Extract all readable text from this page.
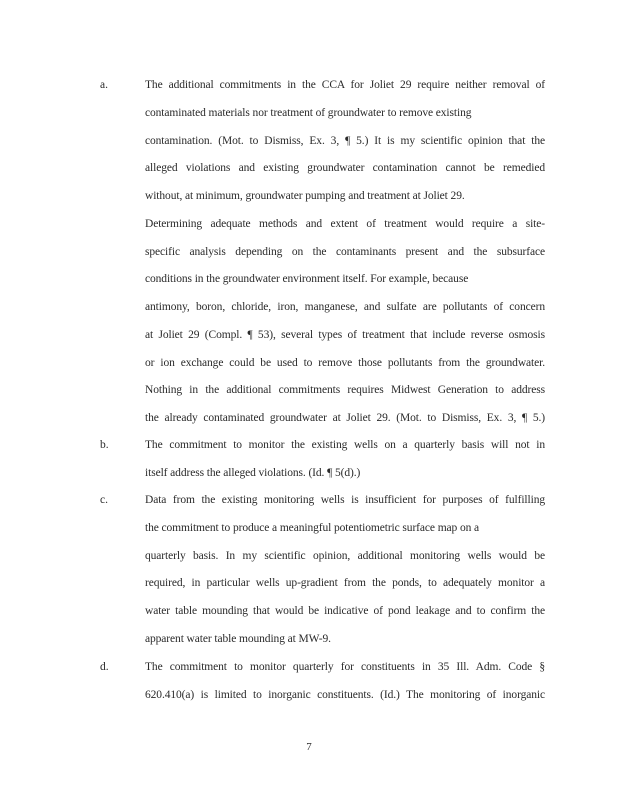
a.	The additional commitments in the CCA for Joliet 29 require neither removal of
contaminated materials nor treatment of groundwater to remove existing
contamination. (Mot. to Dismiss, Ex. 3, ¶ 5.) It is my scientific opinion that the
alleged violations and existing groundwater contamination cannot be remedied
without, at minimum, groundwater pumping and treatment at Joliet 29.
Determining adequate methods and extent of treatment would require a site-
specific analysis depending on the contaminants present and the subsurface
conditions in the groundwater environment itself. For example, because
antimony, boron, chloride, iron, manganese, and sulfate are pollutants of concern
at Joliet 29 (Compl. ¶ 53), several types of treatment that include reverse osmosis
or ion exchange could be used to remove those pollutants from the groundwater.
Nothing in the additional commitments requires Midwest Generation to address
the already contaminated groundwater at Joliet 29. (Mot. to Dismiss, Ex. 3, ¶ 5.)
b.	The commitment to monitor the existing wells on a quarterly basis will not in
itself address the alleged violations. (Id. ¶ 5(d).)
c.	Data from the existing monitoring wells is insufficient for purposes of fulfilling
the commitment to produce a meaningful potentiometric surface map on a
quarterly basis. In my scientific opinion, additional monitoring wells would be
required, in particular wells up-gradient from the ponds, to adequately monitor a
water table mounding that would be indicative of pond leakage and to confirm the
apparent water table mounding at MW-9.
d.	The commitment to monitor quarterly for constituents in 35 Ill. Adm. Code §
620.410(a) is limited to inorganic constituents. (Id.) The monitoring of inorganic
7
